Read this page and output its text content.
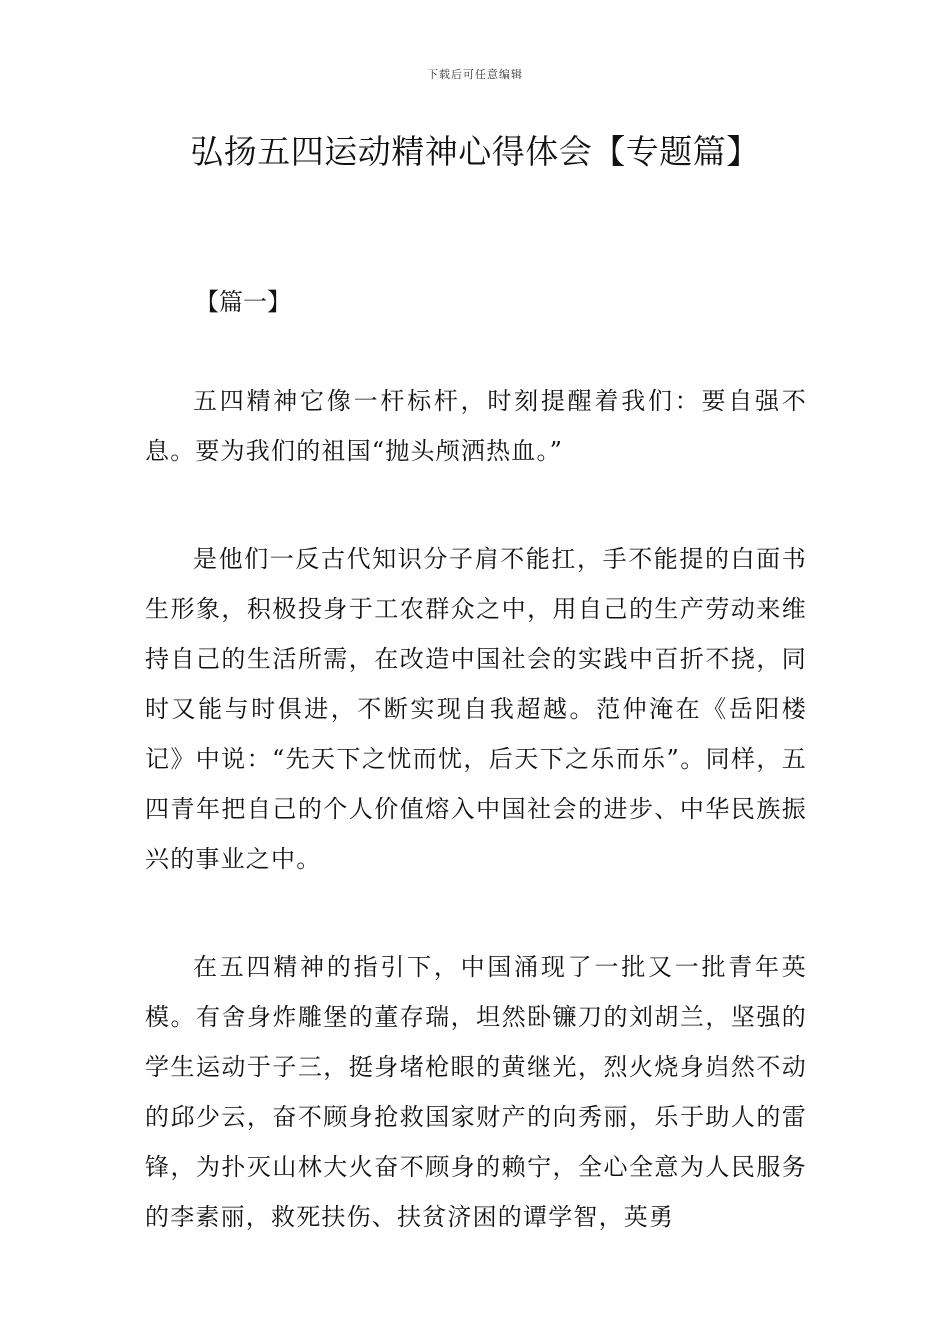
下载后可任意编辑
弘扬五四运动精神心得体会【专题篇】
【篇一】

五四精神它像一杆标杆，时刻提醒着我们：要自强不息。要为我们的祖国“抛头颅洒热血。”

是他们一反古代知识分子肩不能扛，手不能提的白面书生形象，积极投身于工农群众之中，用自己的生产劳动来维持自己的生活所需，在改造中国社会的实践中百折不挠，同时又能与时俱进，不断实现自我超越。范仲淹在《岳阳楼记》中说：“先天下之忧而忧，后天下之乐而乐”。同样，五四青年把自己的个人价值熔入中国社会的进步、中华民族振兴的事业之中。

在五四精神的指引下，中国涌现了一批又一批青年英模。有舍身炸雕堡的董存瑞，坦然卧镰刀的刘胡兰，坚强的学生运动于子三，挺身堵枪眼的黄继光，烈火烧身岿然不动的邱少云，奋不顾身抢救国家财产的向秀丽，乐于助人的雷锋，为扑灭山林大火奋不顾身的赖宁，全心全意为人民服务的李素丽，救死扶伤、扶贫济困的谭学智，英勇
